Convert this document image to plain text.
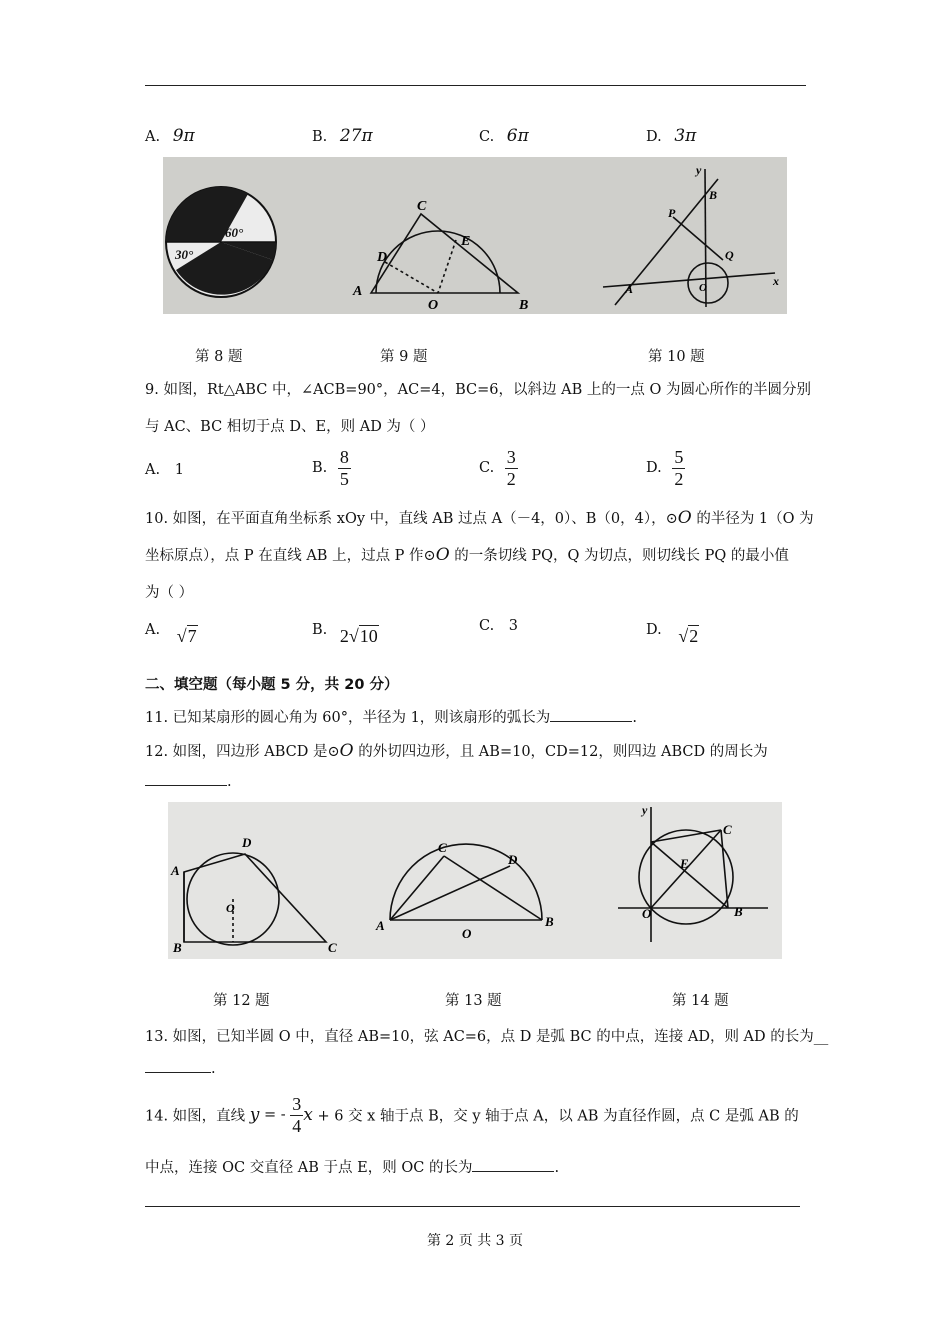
A. 9π	B. 27π	C. 6π	D. 3π
60°
30°
C
D
E
A
O	B
y
B
P
Q
A	O	x
第 8 题	第 9 题	第 10 题
9. 如图，Rt△ABC 中，∠ACB=90°，AC=4，BC=6，以斜边 AB 上的一点 O 为圆心所作的半圆分别
与 AC、BC 相切于点 D、E，则 AD 为（ ）
A. 1	B. $\frac{8}{5}$	C. $\frac{3}{2}$	D. $\frac{5}{2}$
10. 如图，在平面直角坐标系 xOy 中，直线 AB 过点 A（－4，0）、B（0，4），⊙O 的半径为 1（O 为
坐标原点），点 P 在直线 AB 上，过点 P 作⊙O 的一条切线 PQ，Q 为切点，则切线长 PQ 的最小值
为（ ）
A. √7	B. 2√10	C. 3	D. √2
二、填空题（每小题 5 分，共 20 分）
11. 已知某扇形的圆心角为 60°，半径为 1，则该扇形的弧长为	.
12. 如图，四边形 ABCD 是⊙O 的外切四边形，且 AB=10，CD=12，则四边 ABCD 的周长为
.
D
A
O
B	C
C
D
A
O
B
y
C
E
O	B
第 12 题	第 13 题	第 14 题
13. 如图，已知半圆 O 中，直径 AB=10，弦 AC=6，点 D 是弧 BC 的中点，连接 AD，则 AD 的长为__
.
14. 如图，直线 y = - $\frac{3}{4}$ x + 6 交 x 轴于点 B，交 y 轴于点 A，以 AB 为直径作圆，点 C 是弧 AB 的
中点，连接 OC 交直径 AB 于点 E，则 OC 的长为	.
第 2 页 共 3 页
